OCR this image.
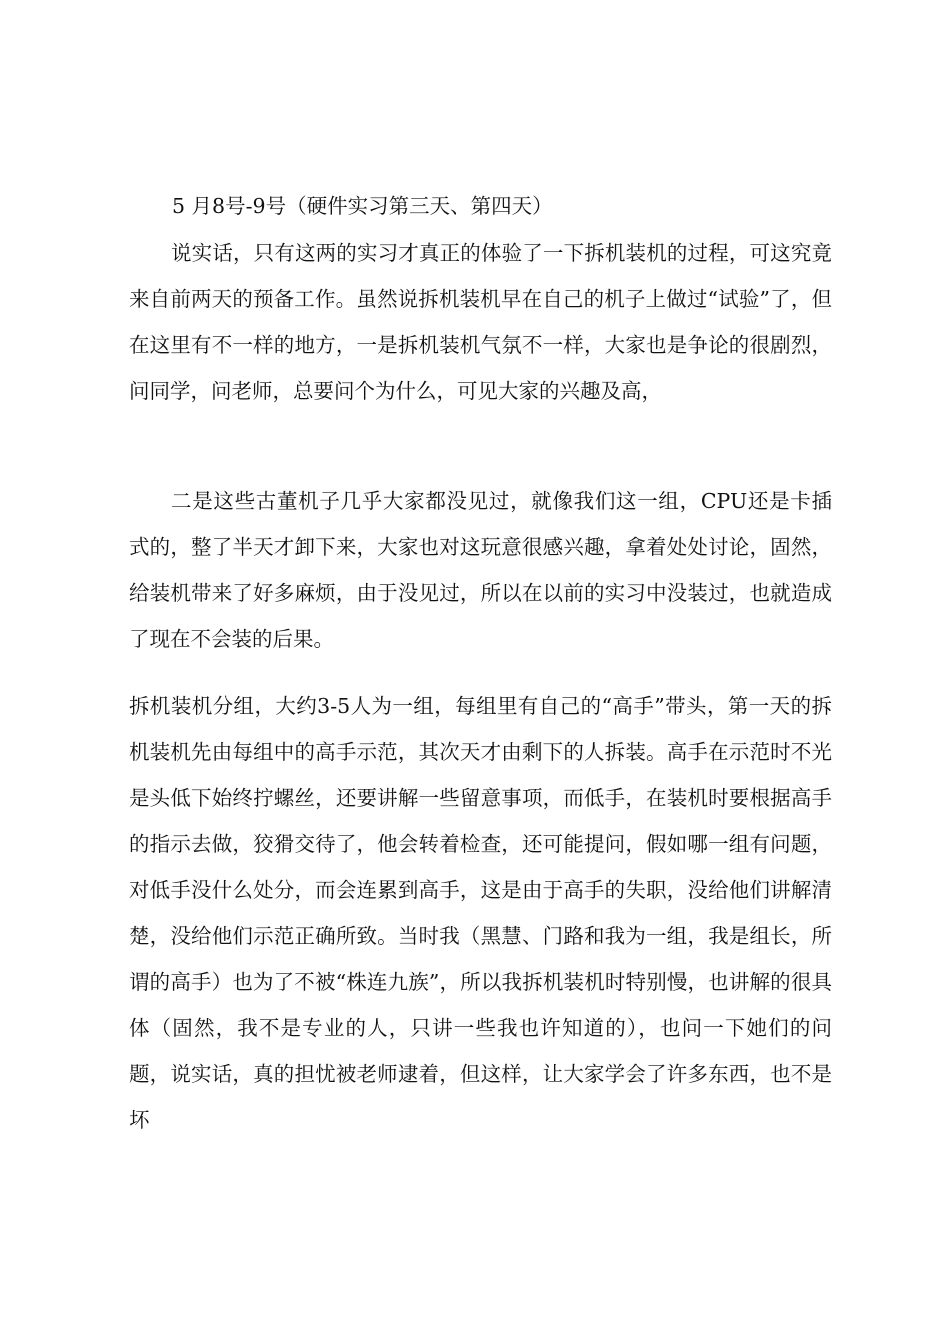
5 月8号-9号（硬件实习第三天、第四天）

说实话，只有这两的实习才真正的体验了一下拆机装机的过程，可这究竟来自前两天的预备工作。虽然说拆机装机早在自己的机子上做过“试验”了，但在这里有不一样的地方，一是拆机装机气氛不一样，大家也是争论的很剧烈，问同学，问老师，总要问个为什么，可见大家的兴趣及高，

二是这些古董机子几乎大家都没见过，就像我们这一组，CPU还是卡插式的，整了半天才卸下来，大家也对这玩意很感兴趣，拿着处处讨论，固然，给装机带来了好多麻烦，由于没见过，所以在以前的实习中没装过，也就造成了现在不会装的后果。

拆机装机分组，大约3-5人为一组，每组里有自己的“高手”带头，第一天的拆机装机先由每组中的高手示范，其次天才由剩下的人拆装。高手在示范时不光是头低下始终拧螺丝，还要讲解一些留意事项，而低手，在装机时要根据高手的指示去做，狡猾交待了，他会转着检查，还可能提问，假如哪一组有问题，对低手没什么处分，而会连累到高手，这是由于高手的失职，没给他们讲解清楚，没给他们示范正确所致。当时我（黑慧、门路和我为一组，我是组长，所谓的高手）也为了不被“株连九族”，所以我拆机装机时特别慢，也讲解的很具体（固然，我不是专业的人，只讲一些我也许知道的），也问一下她们的问题，说实话，真的担忧被老师逮着，但这样，让大家学会了许多东西，也不是坏
